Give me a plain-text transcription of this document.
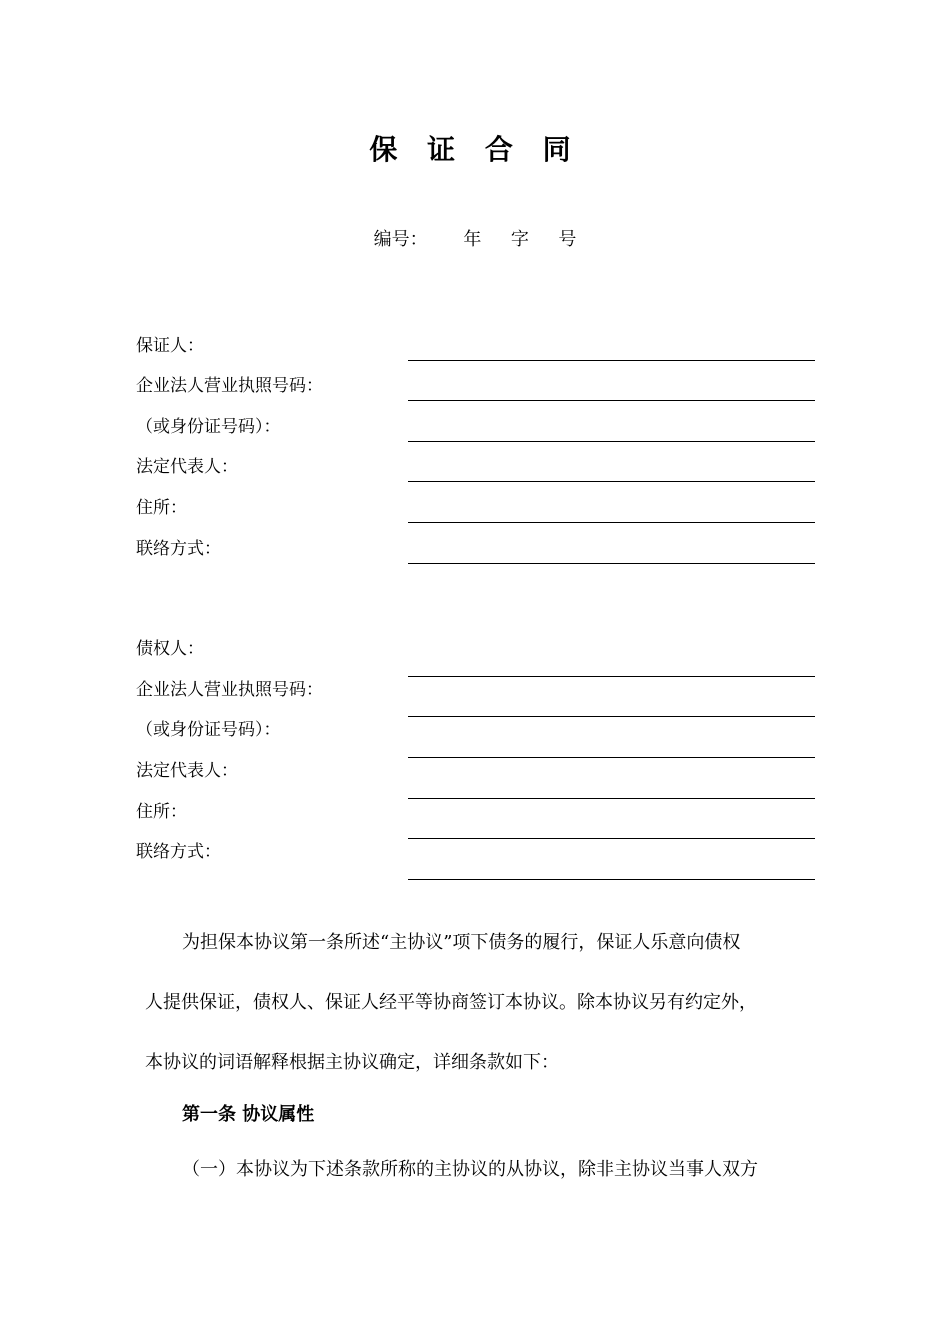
保 证 合 同
编号： 年 字 号
保证人：
企业法人营业执照号码：
（或身份证号码）：
法定代表人：
住所：
联络方式：
债权人：
企业法人营业执照号码：
（或身份证号码）：
法定代表人：
住所：
联络方式：
为担保本协议第一条所述“主协议”项下债务的履行，保证人乐意向债权
人提供保证，债权人、保证人经平等协商签订本协议。除本协议另有约定外，
本协议的词语解释根据主协议确定，详细条款如下：
第一条 协议属性
（一）本协议为下述条款所称的主协议的从协议，除非主协议当事人双方
